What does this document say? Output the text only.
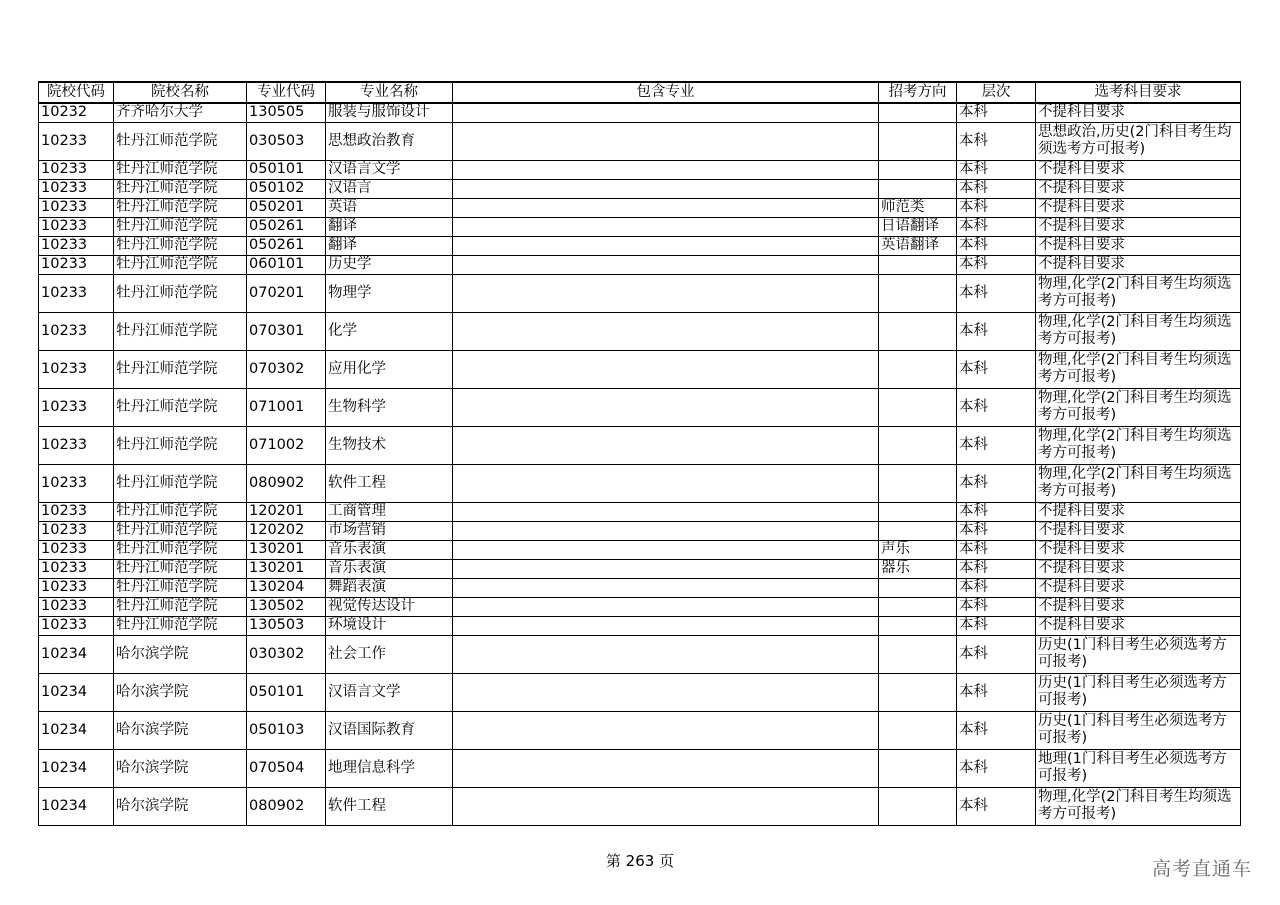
院校代码	院校名称	专业代码	专业名称	包含专业	招考方向	层次	选考科目要求
10232	齐齐哈尔大学	130505	服装与服饰设计			本科	不提科目要求
10233	牡丹江师范学院	030503	思想政治教育			本科	思想政治,历史(2门科目考生均须选考方可报考)
10233	牡丹江师范学院	050101	汉语言文学			本科	不提科目要求
10233	牡丹江师范学院	050102	汉语言			本科	不提科目要求
10233	牡丹江师范学院	050201	英语		师范类	本科	不提科目要求
10233	牡丹江师范学院	050261	翻译		日语翻译	本科	不提科目要求
10233	牡丹江师范学院	050261	翻译		英语翻译	本科	不提科目要求
10233	牡丹江师范学院	060101	历史学			本科	不提科目要求
10233	牡丹江师范学院	070201	物理学			本科	物理,化学(2门科目考生均须选考方可报考)
10233	牡丹江师范学院	070301	化学			本科	物理,化学(2门科目考生均须选考方可报考)
10233	牡丹江师范学院	070302	应用化学			本科	物理,化学(2门科目考生均须选考方可报考)
10233	牡丹江师范学院	071001	生物科学			本科	物理,化学(2门科目考生均须选考方可报考)
10233	牡丹江师范学院	071002	生物技术			本科	物理,化学(2门科目考生均须选考方可报考)
10233	牡丹江师范学院	080902	软件工程			本科	物理,化学(2门科目考生均须选考方可报考)
10233	牡丹江师范学院	120201	工商管理			本科	不提科目要求
10233	牡丹江师范学院	120202	市场营销			本科	不提科目要求
10233	牡丹江师范学院	130201	音乐表演		声乐	本科	不提科目要求
10233	牡丹江师范学院	130201	音乐表演		器乐	本科	不提科目要求
10233	牡丹江师范学院	130204	舞蹈表演			本科	不提科目要求
10233	牡丹江师范学院	130502	视觉传达设计			本科	不提科目要求
10233	牡丹江师范学院	130503	环境设计			本科	不提科目要求
10234	哈尔滨学院	030302	社会工作			本科	历史(1门科目考生必须选考方可报考)
10234	哈尔滨学院	050101	汉语言文学			本科	历史(1门科目考生必须选考方可报考)
10234	哈尔滨学院	050103	汉语国际教育			本科	历史(1门科目考生必须选考方可报考)
10234	哈尔滨学院	070504	地理信息科学			本科	地理(1门科目考生必须选考方可报考)
10234	哈尔滨学院	080902	软件工程			本科	物理,化学(2门科目考生均须选考方可报考)
第 263 页	高考直通车
